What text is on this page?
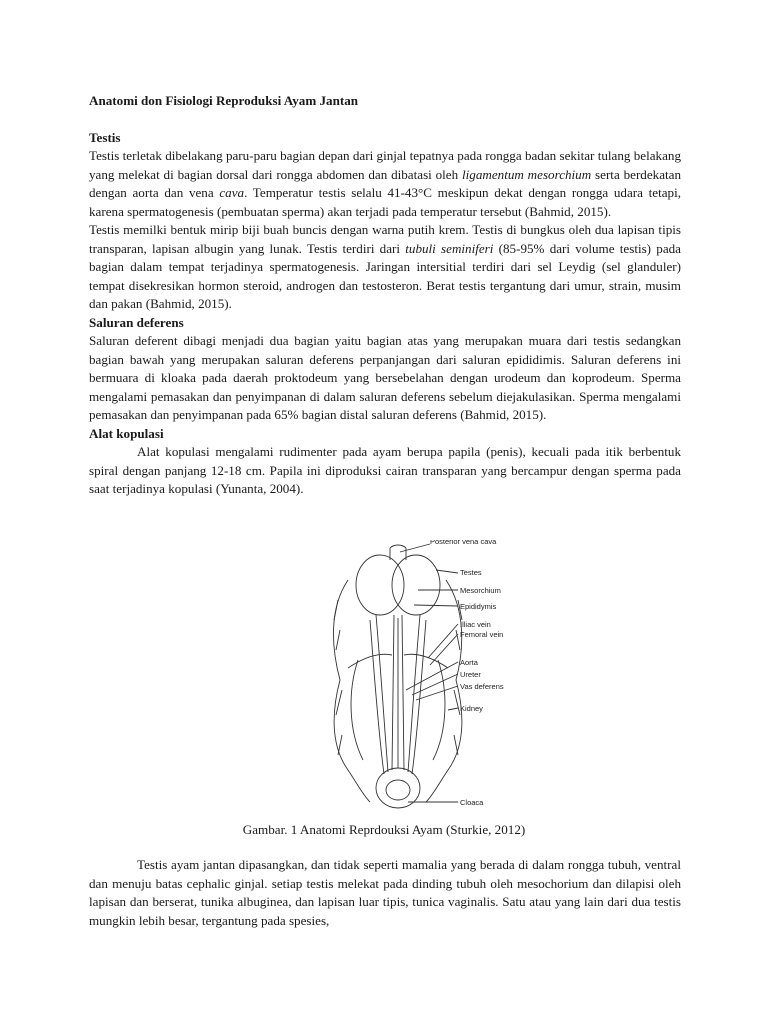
Anatomi don Fisiologi Reproduksi Ayam Jantan
Testis

Testis terletak dibelakang paru-paru bagian depan dari ginjal tepatnya pada rongga badan sekitar tulang belakang yang melekat di bagian dorsal dari rongga abdomen dan dibatasi oleh ligamentum mesorchium serta berdekatan dengan aorta dan vena cava. Temperatur testis selalu 41-43°C meskipun dekat dengan rongga udara tetapi, karena spermatogenesis (pembuatan sperma) akan terjadi pada temperatur tersebut (Bahmid, 2015).

Testis memilki bentuk mirip biji buah buncis dengan warna putih krem. Testis di bungkus oleh dua lapisan tipis transparan, lapisan albugin yang lunak. Testis terdiri dari tubuli seminiferi (85-95% dari volume testis) pada bagian dalam tempat terjadinya spermatogenesis. Jaringan intersitial terdiri dari sel Leydig (sel glanduler) tempat disekresikan hormon steroid, androgen dan testosteron. Berat testis tergantung dari umur, strain, musim dan pakan (Bahmid, 2015).

Saluran deferens

Saluran deferent dibagi menjadi dua bagian yaitu bagian atas yang merupakan muara dari testis sedangkan bagian bawah yang merupakan saluran deferens perpanjangan dari saluran epididimis. Saluran deferens ini bermuara di kloaka pada daerah proktodeum yang bersebelahan dengan urodeum dan koprodeum. Sperma mengalami pemasakan dan penyimpanan di dalam saluran deferens sebelum diejakulasikan. Sperma mengalami pemasakan dan penyimpanan pada 65% bagian distal saluran deferens (Bahmid, 2015).

Alat kopulasi

Alat kopulasi mengalami rudimenter pada ayam berupa papila (penis), kecuali pada itik berbentuk spiral dengan panjang 12-18 cm. Papila ini diproduksi cairan transparan yang bercampur dengan sperma pada saat terjadinya kopulasi (Yunanta, 2004).

Posterior vena cava
Testes
Mesorchium
Epididymis
Illiac vein
Femoral vein
Aorta
Ureter
Vas deferens
Kidney
Cloaca
Gambar. 1 Anatomi Reprdouksi Ayam (Sturkie, 2012)

Testis ayam jantan dipasangkan, dan tidak seperti mamalia yang berada di dalam rongga tubuh, ventral dan menuju batas cephalic ginjal. setiap testis melekat pada dinding tubuh oleh mesochorium dan dilapisi oleh lapisan dan berserat, tunika albuginea, dan lapisan luar tipis, tunica vaginalis. Satu atau yang lain dari dua testis mungkin lebih besar, tergantung pada spesies,
